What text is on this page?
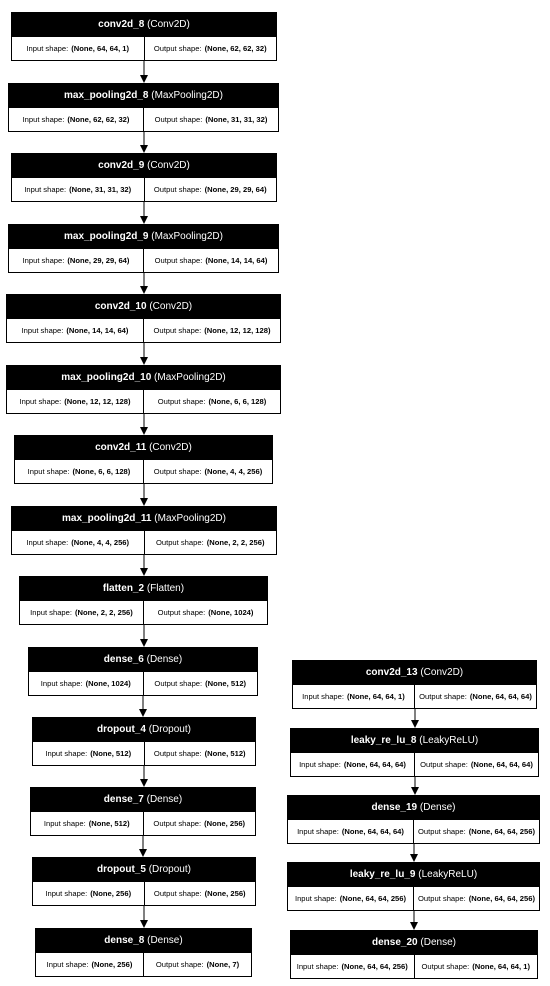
conv2d_8 (Conv2D)
Input shape: (None, 64, 64, 1)	Output shape: (None, 62, 62, 32)
max_pooling2d_8 (MaxPooling2D)
Input shape: (None, 62, 62, 32)	Output shape: (None, 31, 31, 32)
conv2d_9 (Conv2D)
Input shape: (None, 31, 31, 32)	Output shape: (None, 29, 29, 64)
max_pooling2d_9 (MaxPooling2D)
Input shape: (None, 29, 29, 64)	Output shape: (None, 14, 14, 64)
conv2d_10 (Conv2D)
Input shape: (None, 14, 14, 64)	Output shape: (None, 12, 12, 128)
max_pooling2d_10 (MaxPooling2D)
Input shape: (None, 12, 12, 128)	Output shape: (None, 6, 6, 128)
conv2d_11 (Conv2D)
Input shape: (None, 6, 6, 128)	Output shape: (None, 4, 4, 256)
max_pooling2d_11 (MaxPooling2D)
Input shape: (None, 4, 4, 256)	Output shape: (None, 2, 2, 256)
flatten_2 (Flatten)
Input shape: (None, 2, 2, 256)	Output shape: (None, 1024)
dense_6 (Dense)
Input shape: (None, 1024)	Output shape: (None, 512)
dropout_4 (Dropout)
Input shape: (None, 512)	Output shape: (None, 512)
dense_7 (Dense)
Input shape: (None, 512)	Output shape: (None, 256)
dropout_5 (Dropout)
Input shape: (None, 256)	Output shape: (None, 256)
dense_8 (Dense)
Input shape: (None, 256)	Output shape: (None, 7)
conv2d_13 (Conv2D)
Input shape: (None, 64, 64, 1) Output shape: (None, 64, 64, 64)
leaky_re_lu_8 (LeakyReLU)
Input shape: (None, 64, 64, 64) Output shape: (None, 64, 64, 64)
dense_19 (Dense)
Input shape: (None, 64, 64, 64) Output shape: (None, 64, 64, 256)
leaky_re_lu_9 (LeakyReLU)
Input shape: (None, 64, 64, 256) Output shape: (None, 64, 64, 256)
dense_20 (Dense)
Input shape: (None, 64, 64, 256) Output shape: (None, 64, 64, 1)
